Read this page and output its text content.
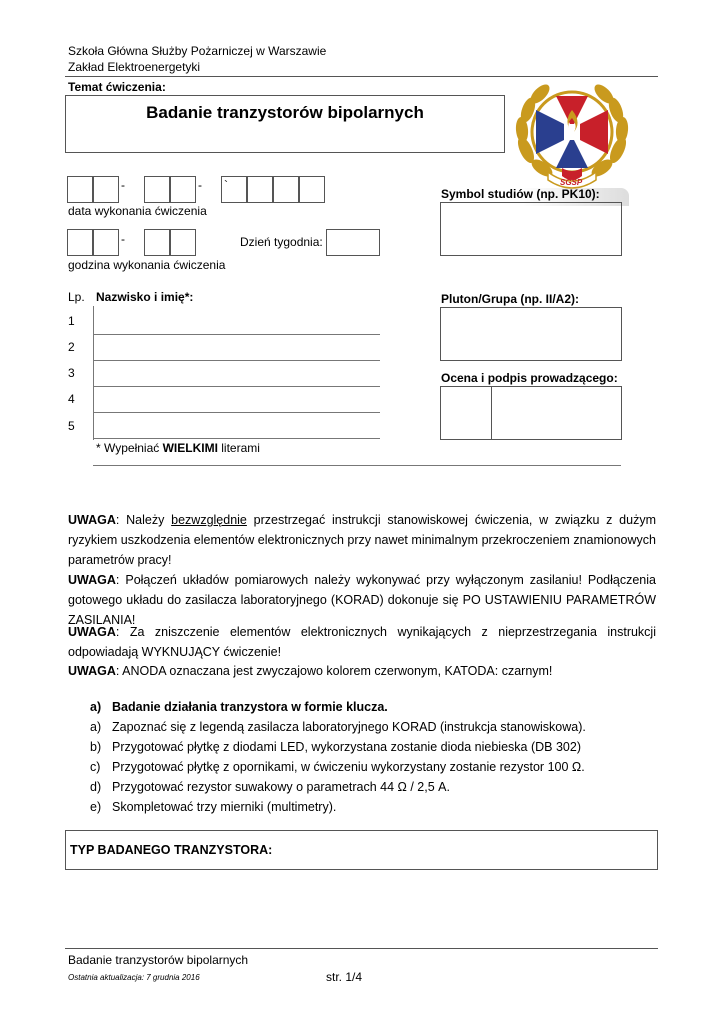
Szkoła Główna Służby Pożarniczej w Warszawie
Zakład Elektroenergetyki
Temat ćwiczenia:
Badanie tranzystorów bipolarnych
SGSP
-	- `
data wykonania ćwiczenia
-	Dzień tygodnia:
godzina wykonania ćwiczenia
Lp. Nazwisko i imię*:
1
2
3
4
5
* Wypełniać WIELKIMI literami
Symbol studiów (np. PK10):
Pluton/Grupa (np. II/A2):
Ocena i podpis prowadzącego:
UWAGA: Należy bezwzględnie przestrzegać instrukcji stanowiskowej ćwiczenia, w związku z dużym ryzykiem uszkodzenia elementów elektronicznych przy nawet minimalnym przekroczeniem znamionowych parametrów pracy!
UWAGA: Połączeń układów pomiarowych należy wykonywać przy wyłączonym zasilaniu! Podłączenia gotowego układu do zasilacza laboratoryjnego (KORAD) dokonuje się PO USTAWIENIU PARAMETRÓW ZASILANIA!
UWAGA: Za zniszczenie elementów elektronicznych wynikających z nieprzestrzegania instrukcji odpowiadają WYKNUJĄCY ćwiczenie!
UWAGA: ANODA oznaczana jest zwyczajowo kolorem czerwonym, KATODA: czarnym!
a) Badanie działania tranzystora w formie klucza.
a) Zapoznać się z legendą zasilacza laboratoryjnego KORAD (instrukcja stanowiskowa).
b) Przygotować płytkę z diodami LED, wykorzystana zostanie dioda niebieska (DB 302)
c) Przygotować płytkę z opornikami, w ćwiczeniu wykorzystany zostanie rezystor 100 Ω.
d) Przygotować rezystor suwakowy o parametrach 44 Ω / 2,5 A.
e) Skompletować trzy mierniki (multimetry).
TYP BADANEGO TRANZYSTORA:
Badanie tranzystorów bipolarnych
Ostatnia aktualizacja: 7 grudnia 2016	str. 1/4
